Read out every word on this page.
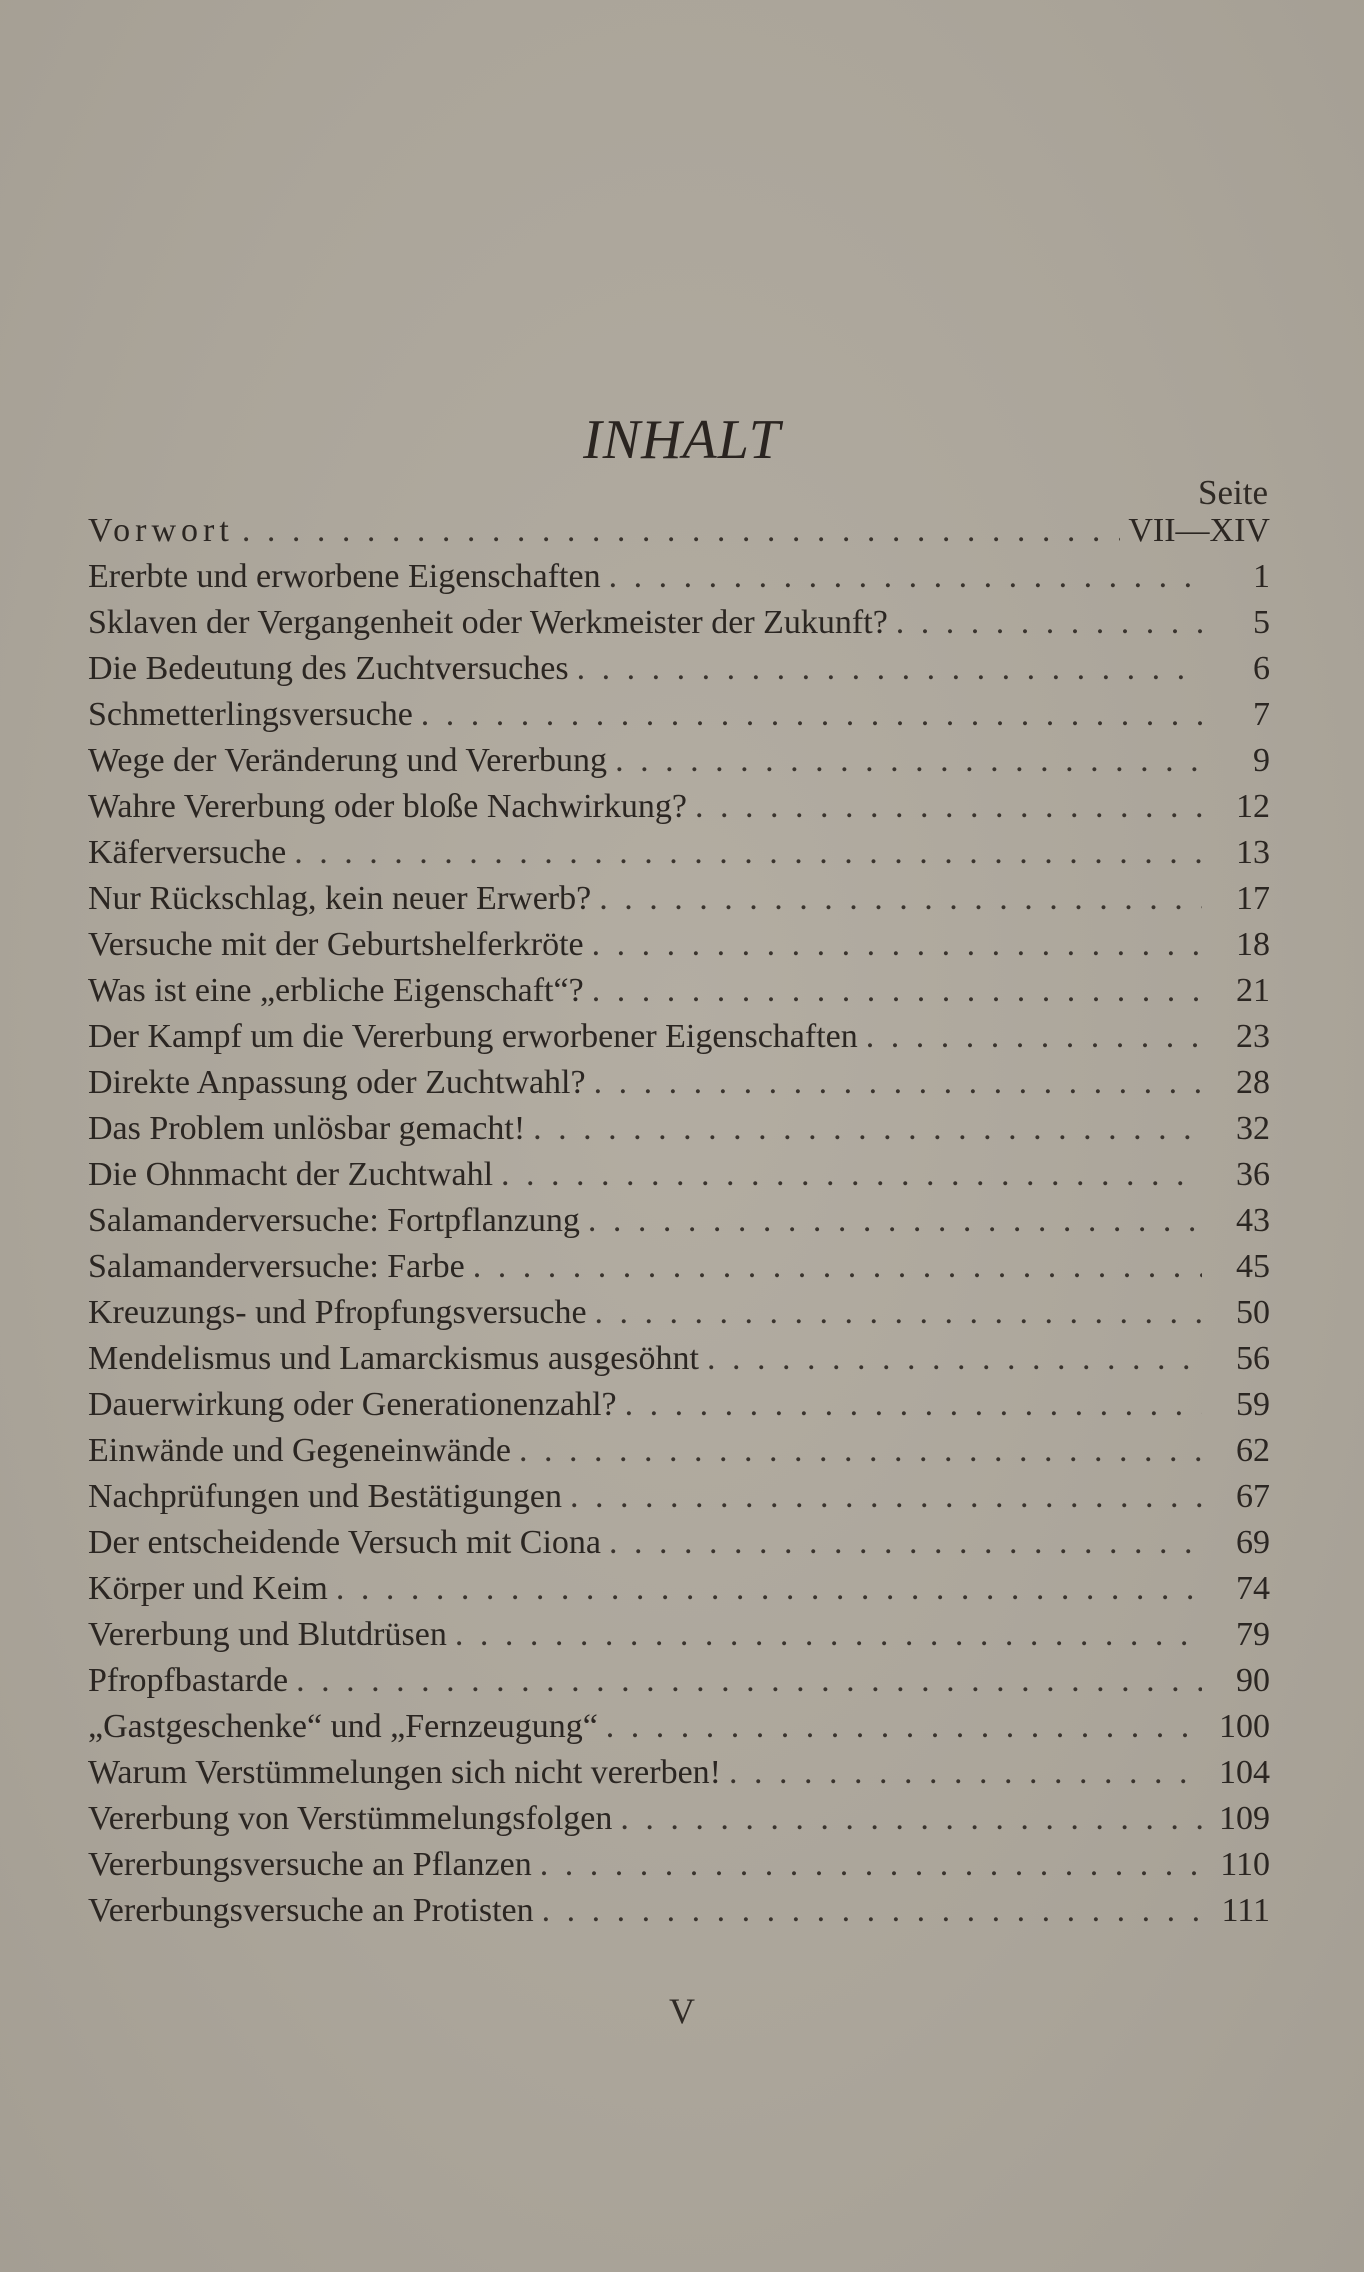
INHALT
Seite
Vorwort . . .	VII—XIV
Ererbte und erworbene Eigenschaften . . .	1
Sklaven der Vergangenheit oder Werkmeister der Zukunft? . . .	5
Die Bedeutung des Zuchtversuches . . .	6
Schmetterlingsversuche . . .	7
Wege der Veränderung und Vererbung . . .	9
Wahre Vererbung oder bloße Nachwirkung? . . .	12
Käferversuche . . .	13
Nur Rückschlag, kein neuer Erwerb? . . .	17
Versuche mit der Geburtshelferkröte . . .	18
Was ist eine „erbliche Eigenschaft“? . . .	21
Der Kampf um die Vererbung erworbener Eigenschaften . . .	23
Direkte Anpassung oder Zuchtwahl? . . .	28
Das Problem unlösbar gemacht! . . .	32
Die Ohnmacht der Zuchtwahl . . .	36
Salamanderversuche: Fortpflanzung . . .	43
Salamanderversuche: Farbe . . .	45
Kreuzungs- und Pfropfungsversuche . . .	50
Mendelismus und Lamarckismus ausgesöhnt . . .	56
Dauerwirkung oder Generationenzahl? . . .	59
Einwände und Gegeneinwände . . .	62
Nachprüfungen und Bestätigungen . . .	67
Der entscheidende Versuch mit Ciona . . .	69
Körper und Keim . . .	74
Vererbung und Blutdrüsen . . .	79
Pfropfbastarde . . .	90
„Gastgeschenke“ und „Fernzeugung“ . . .	100
Warum Verstümmelungen sich nicht vererben! . . .	104
Vererbung von Verstümmelungsfolgen . . .	109
Vererbungsversuche an Pflanzen . . .	110
Vererbungsversuche an Protisten . . .	111
V
